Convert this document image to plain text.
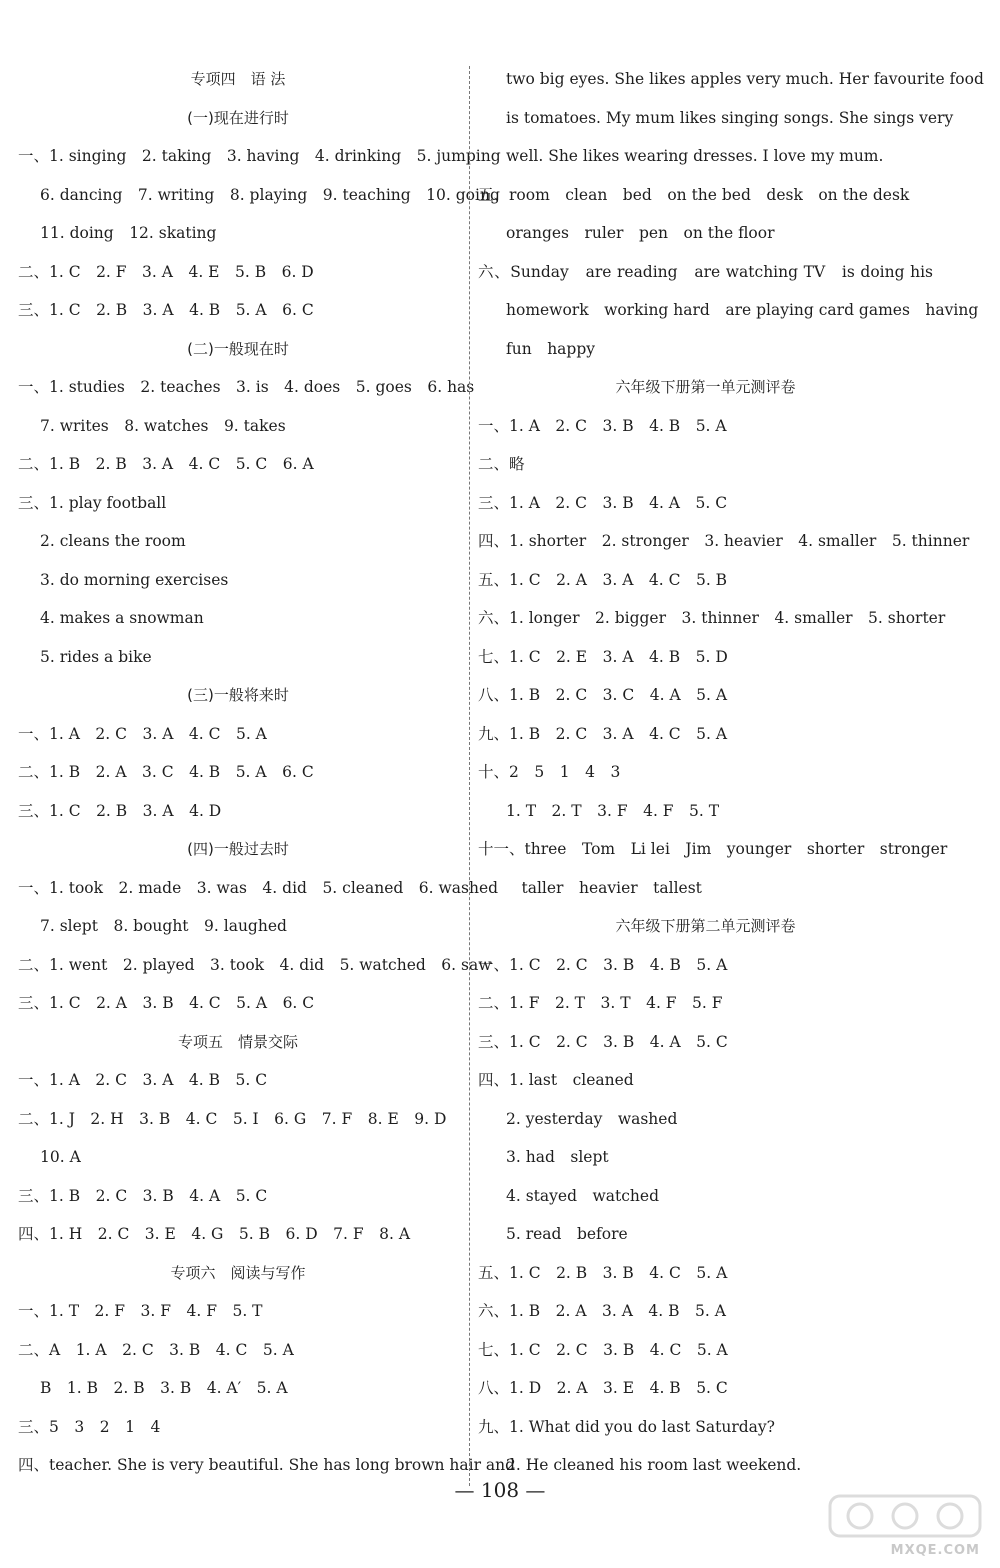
专项四　语 法
(一)现在进行时
一、1. singing　2. taking　3. having　4. drinking　5. jumping
6. dancing　7. writing　8. playing　9. teaching　10. going
11. doing　12. skating
二、1. C　2. F　3. A　4. E　5. B　6. D
三、1. C　2. B　3. A　4. B　5. A　6. C
(二)一般现在时
一、1. studies　2. teaches　3. is　4. does　5. goes　6. has
7. writes　8. watches　9. takes
二、1. B　2. B　3. A　4. C　5. C　6. A
三、1. play football
2. cleans the room
3. do morning exercises
4. makes a snowman
5. rides a bike
(三)一般将来时
一、1. A　2. C　3. A　4. C　5. A
二、1. B　2. A　3. C　4. B　5. A　6. C
三、1. C　2. B　3. A　4. D
(四)一般过去时
一、1. took　2. made　3. was　4. did　5. cleaned　6. washed
7. slept　8. bought　9. laughed
二、1. went　2. played　3. took　4. did　5. watched　6. saw
三、1. C　2. A　3. B　4. C　5. A　6. C
专项五　情景交际
一、1. A　2. C　3. A　4. B　5. C
二、1. J　2. H　3. B　4. C　5. I　6. G　7. F　8. E　9. D
10. A
三、1. B　2. C　3. B　4. A　5. C
四、1. H　2. C　3. E　4. G　5. B　6. D　7. F　8. A
专项六　阅读与写作
一、1. T　2. F　3. F　4. F　5. T
二、A　1. A　2. C　3. B　4. C　5. A
B　1. B　2. B　3. B　4. A′　5. A
三、5　3　2　1　4
四、teacher. She is very beautiful. She has long brown hair and
two big eyes. She likes apples very much. Her favourite food
is tomatoes. My mum likes singing songs. She sings very
well. She likes wearing dresses. I love my mum.
五、room　clean　bed　on the bed　desk　on the desk
oranges　ruler　pen　on the floor
六、Sunday　are reading　are watching TV　is doing his
homework　working hard　are playing card games　having
fun　happy
六年级下册第一单元测评卷
一、1. A　2. C　3. B　4. B　5. A
二、略
三、1. A　2. C　3. B　4. A　5. C
四、1. shorter　2. stronger　3. heavier　4. smaller　5. thinner
五、1. C　2. A　3. A　4. C　5. B
六、1. longer　2. bigger　3. thinner　4. smaller　5. shorter
七、1. C　2. E　3. A　4. B　5. D
八、1. B　2. C　3. C　4. A　5. A
九、1. B　2. C　3. A　4. C　5. A
十、2　5　1　4　3
1. T　2. T　3. F　4. F　5. T
十一、three　Tom　Li lei　Jim　younger　shorter　stronger
　taller　heavier　tallest
六年级下册第二单元测评卷
一、1. C　2. C　3. B　4. B　5. A
二、1. F　2. T　3. T　4. F　5. F
三、1. C　2. C　3. B　4. A　5. C
四、1. last　cleaned
2. yesterday　washed
3. had　slept
4. stayed　watched
5. read　before
五、1. C　2. B　3. B　4. C　5. A
六、1. B　2. A　3. A　4. B　5. A
七、1. C　2. C　3. B　4. C　5. A
八、1. D　2. A　3. E　4. B　5. C
九、1. What did you do last Saturday?
2. He cleaned his room last weekend.
— 108 —
MXQE.COM
